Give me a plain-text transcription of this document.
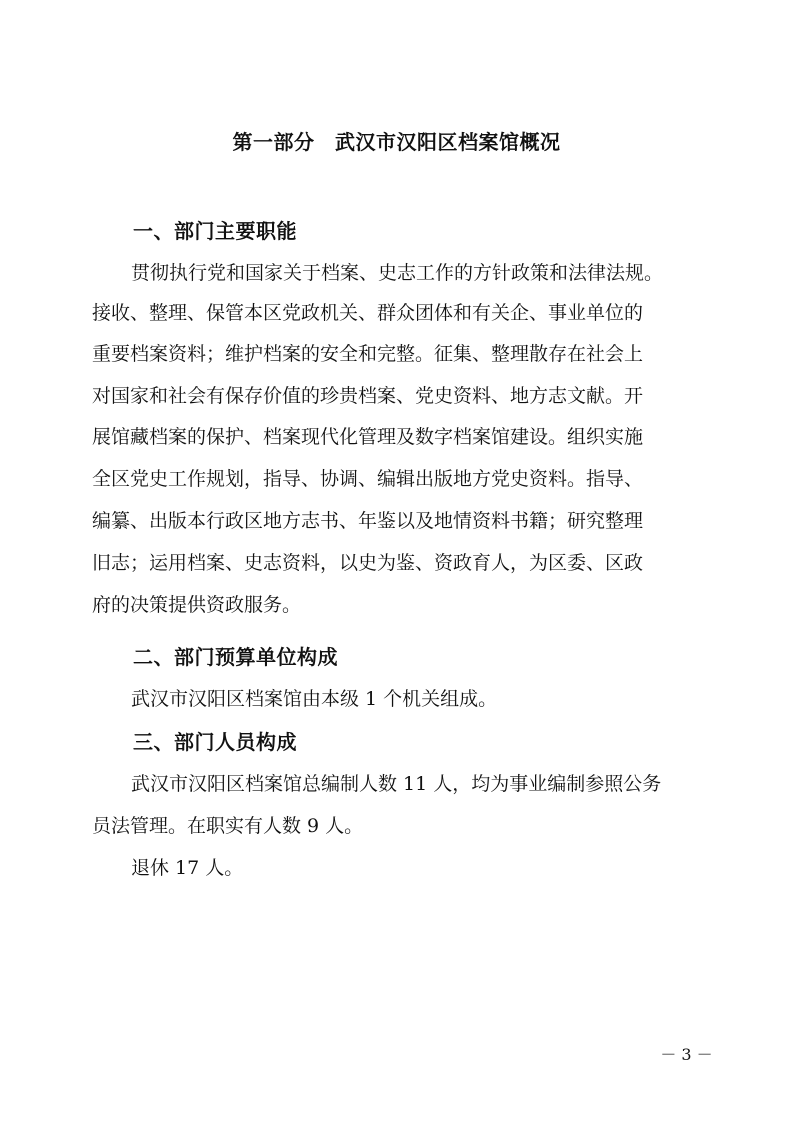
第一部分　武汉市汉阳区档案馆概况
一、部门主要职能
贯彻执行党和国家关于档案、史志工作的方针政策和法律法规。
接收、整理、保管本区党政机关、群众团体和有关企、事业单位的
重要档案资料；维护档案的安全和完整。征集、整理散存在社会上
对国家和社会有保存价值的珍贵档案、党史资料、地方志文献。开
展馆藏档案的保护、档案现代化管理及数字档案馆建设。组织实施
全区党史工作规划，指导、协调、编辑出版地方党史资料。指导、
编纂、出版本行政区地方志书、年鉴以及地情资料书籍；研究整理
旧志；运用档案、史志资料，以史为鉴、资政育人，为区委、区政
府的决策提供资政服务。
二、部门预算单位构成
武汉市汉阳区档案馆由本级 1 个机关组成。
三、部门人员构成
武汉市汉阳区档案馆总编制人数 11 人，均为事业编制参照公务
员法管理。在职实有人数 9 人。
退休 17 人。
－ 3 －
